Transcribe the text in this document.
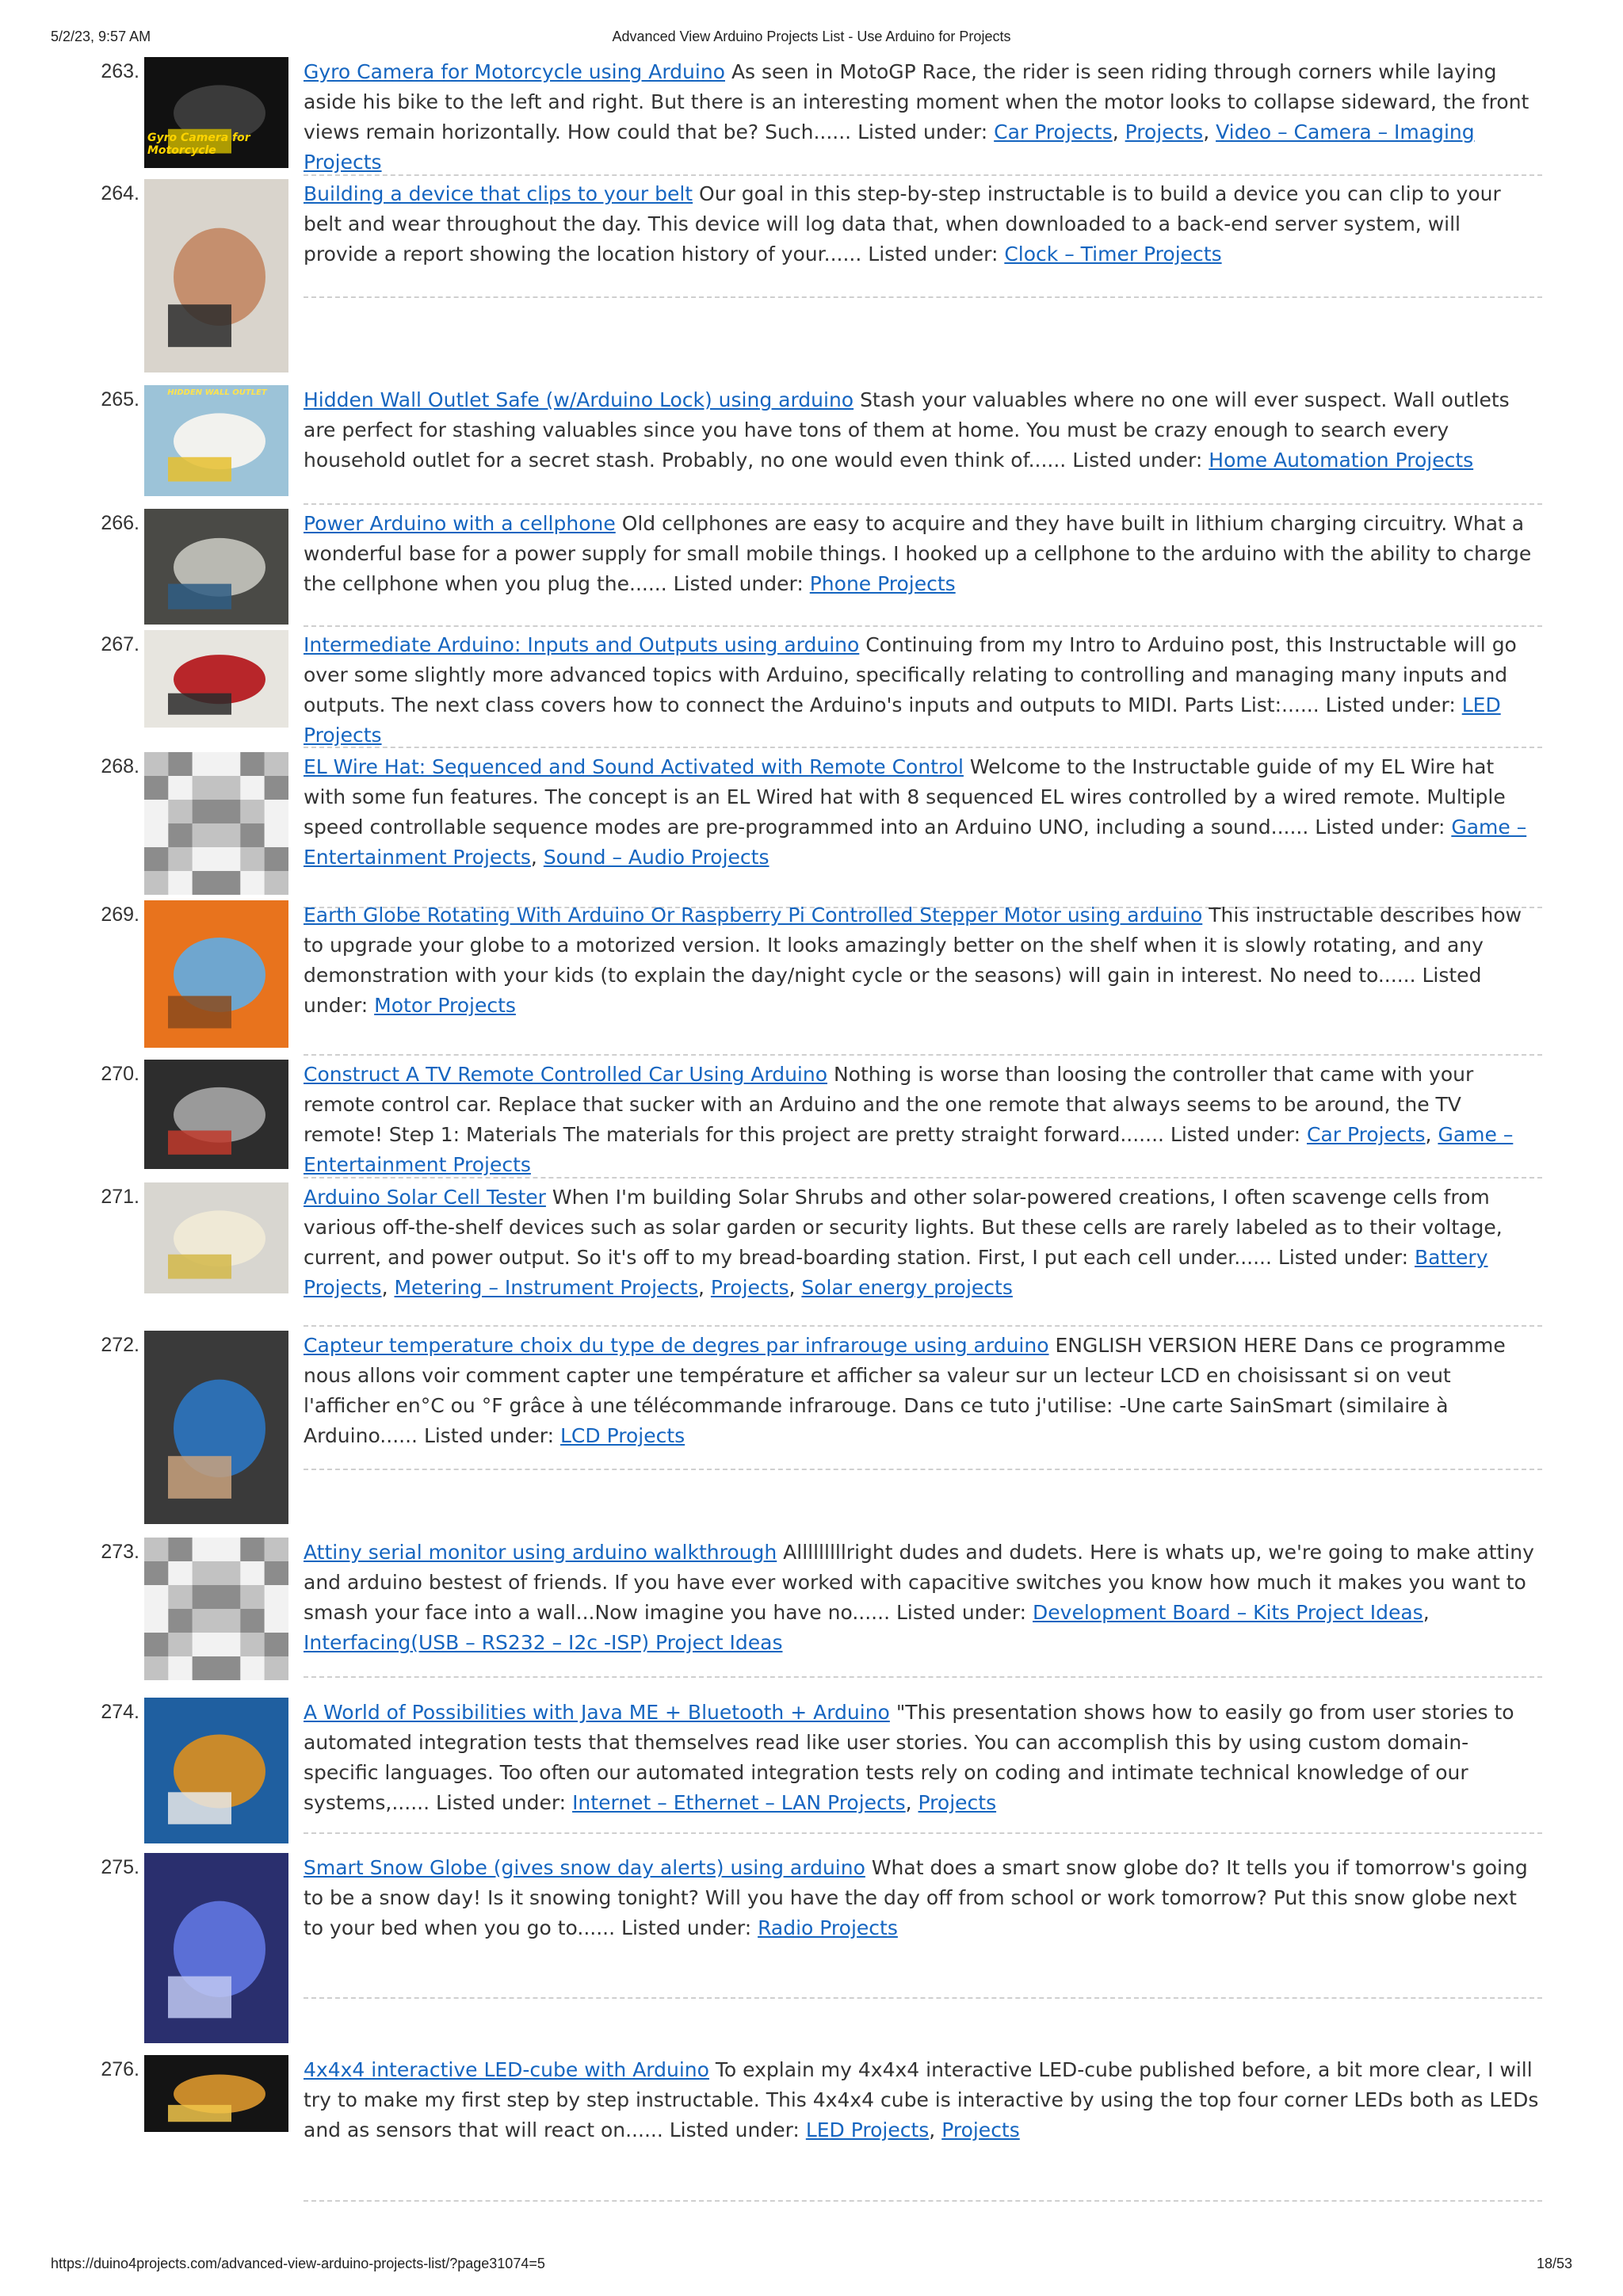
5/2/23, 9:57 AM	Advanced View Arduino Projects List - Use Arduino for Projects
263.
Gyro Camera for Motorcycle
Gyro Camera for Motorcycle using Arduino As seen in MotoGP Race, the rider is seen riding through corners while laying aside his bike to the left and right. But there is an interesting moment when the motor looks to collapse sideward, the front views remain horizontally. How could that be? Such...... Listed under: Car Projects, Projects, Video – Camera – Imaging Projects
264.	Building a device that clips to your belt Our goal in this step-by-step instructable is to build a device you can clip to your belt and wear throughout the day. This device will log data that, when downloaded to a back-end server system, will provide a report showing the location history of your...... Listed under: Clock – Timer Projects
265.	HIDDEN WALL OUTLET	Hidden Wall Outlet Safe (w/Arduino Lock) using arduino Stash your valuables where no one will ever suspect. Wall outlets are perfect for stashing valuables since you have tons of them at home. You must be crazy enough to search every household outlet for a secret stash. Probably, no one would even think of...... Listed under: Home Automation Projects
266.	Power Arduino with a cellphone Old cellphones are easy to acquire and they have built in lithium charging circuitry. What a wonderful base for a power supply for small mobile things. I hooked up a cellphone to the arduino with the ability to charge the cellphone when you plug the...... Listed under: Phone Projects
267.	Intermediate Arduino: Inputs and Outputs using arduino Continuing from my Intro to Arduino post, this Instructable will go over some slightly more advanced topics with Arduino, specifically relating to controlling and managing many inputs and outputs. The next class covers how to connect the Arduino's inputs and outputs to MIDI. Parts List:...... Listed under: LED Projects
268.	EL Wire Hat: Sequenced and Sound Activated with Remote Control Welcome to the Instructable guide of my EL Wire hat with some fun features. The concept is an EL Wired hat with 8 sequenced EL wires controlled by a wired remote. Multiple speed controllable sequence modes are pre-programmed into an Arduino UNO, including a sound...... Listed under: Game – Entertainment Projects, Sound – Audio Projects
269.	Earth Globe Rotating With Arduino Or Raspberry Pi Controlled Stepper Motor using arduino This instructable describes how to upgrade your globe to a motorized version. It looks amazingly better on the shelf when it is slowly rotating, and any demonstration with your kids (to explain the day/night cycle or the seasons) will gain in interest. No need to...... Listed under: Motor Projects
270.	Construct A TV Remote Controlled Car Using Arduino Nothing is worse than loosing the controller that came with your remote control car. Replace that sucker with an Arduino and the one remote that always seems to be around, the TV remote! Step 1: Materials The materials for this project are pretty straight forward....... Listed under: Car Projects, Game – Entertainment Projects
271.	Arduino Solar Cell Tester When I'm building Solar Shrubs and other solar-powered creations, I often scavenge cells from various off-the-shelf devices such as solar garden or security lights. But these cells are rarely labeled as to their voltage, current, and power output. So it's off to my bread-boarding station. First, I put each cell under...... Listed under: Battery Projects, Metering – Instrument Projects, Projects, Solar energy projects
272.	Capteur temperature choix du type de degres par infrarouge using arduino ENGLISH VERSION HERE Dans ce programme nous allons voir comment capter une température et afficher sa valeur sur un lecteur LCD en choisissant si on veut l'afficher en°C ou °F grâce à une télécommande infrarouge. Dans ce tuto j'utilise: -Une carte SainSmart (similaire à Arduino...... Listed under: LCD Projects
273.	Attiny serial monitor using arduino walkthrough Alllllllllright dudes and dudets. Here is whats up, we're going to make attiny and arduino bestest of friends. If you have ever worked with capacitive switches you know how much it makes you want to smash your face into a wall...Now imagine you have no...... Listed under: Development Board – Kits Project Ideas, Interfacing(USB – RS232 – I2c -ISP) Project Ideas
274.	A World of Possibilities with Java ME + Bluetooth + Arduino "This presentation shows how to easily go from user stories to automated integration tests that themselves read like user stories. You can accomplish this by using custom domain-specific languages. Too often our automated integration tests rely on coding and intimate technical knowledge of our systems,...... Listed under: Internet – Ethernet – LAN Projects, Projects
275.	Smart Snow Globe (gives snow day alerts) using arduino What does a smart snow globe do? It tells you if tomorrow's going to be a snow day! Is it snowing tonight? Will you have the day off from school or work tomorrow? Put this snow globe next to your bed when you go to...... Listed under: Radio Projects
276.	4x4x4 interactive LED-cube with Arduino To explain my 4x4x4 interactive LED-cube published before, a bit more clear, I will try to make my first step by step instructable. This 4x4x4 cube is interactive by using the top four corner LEDs both as LEDs and as sensors that will react on...... Listed under: LED Projects, Projects
https://duino4projects.com/advanced-view-arduino-projects-list/?page31074=5	18/53
